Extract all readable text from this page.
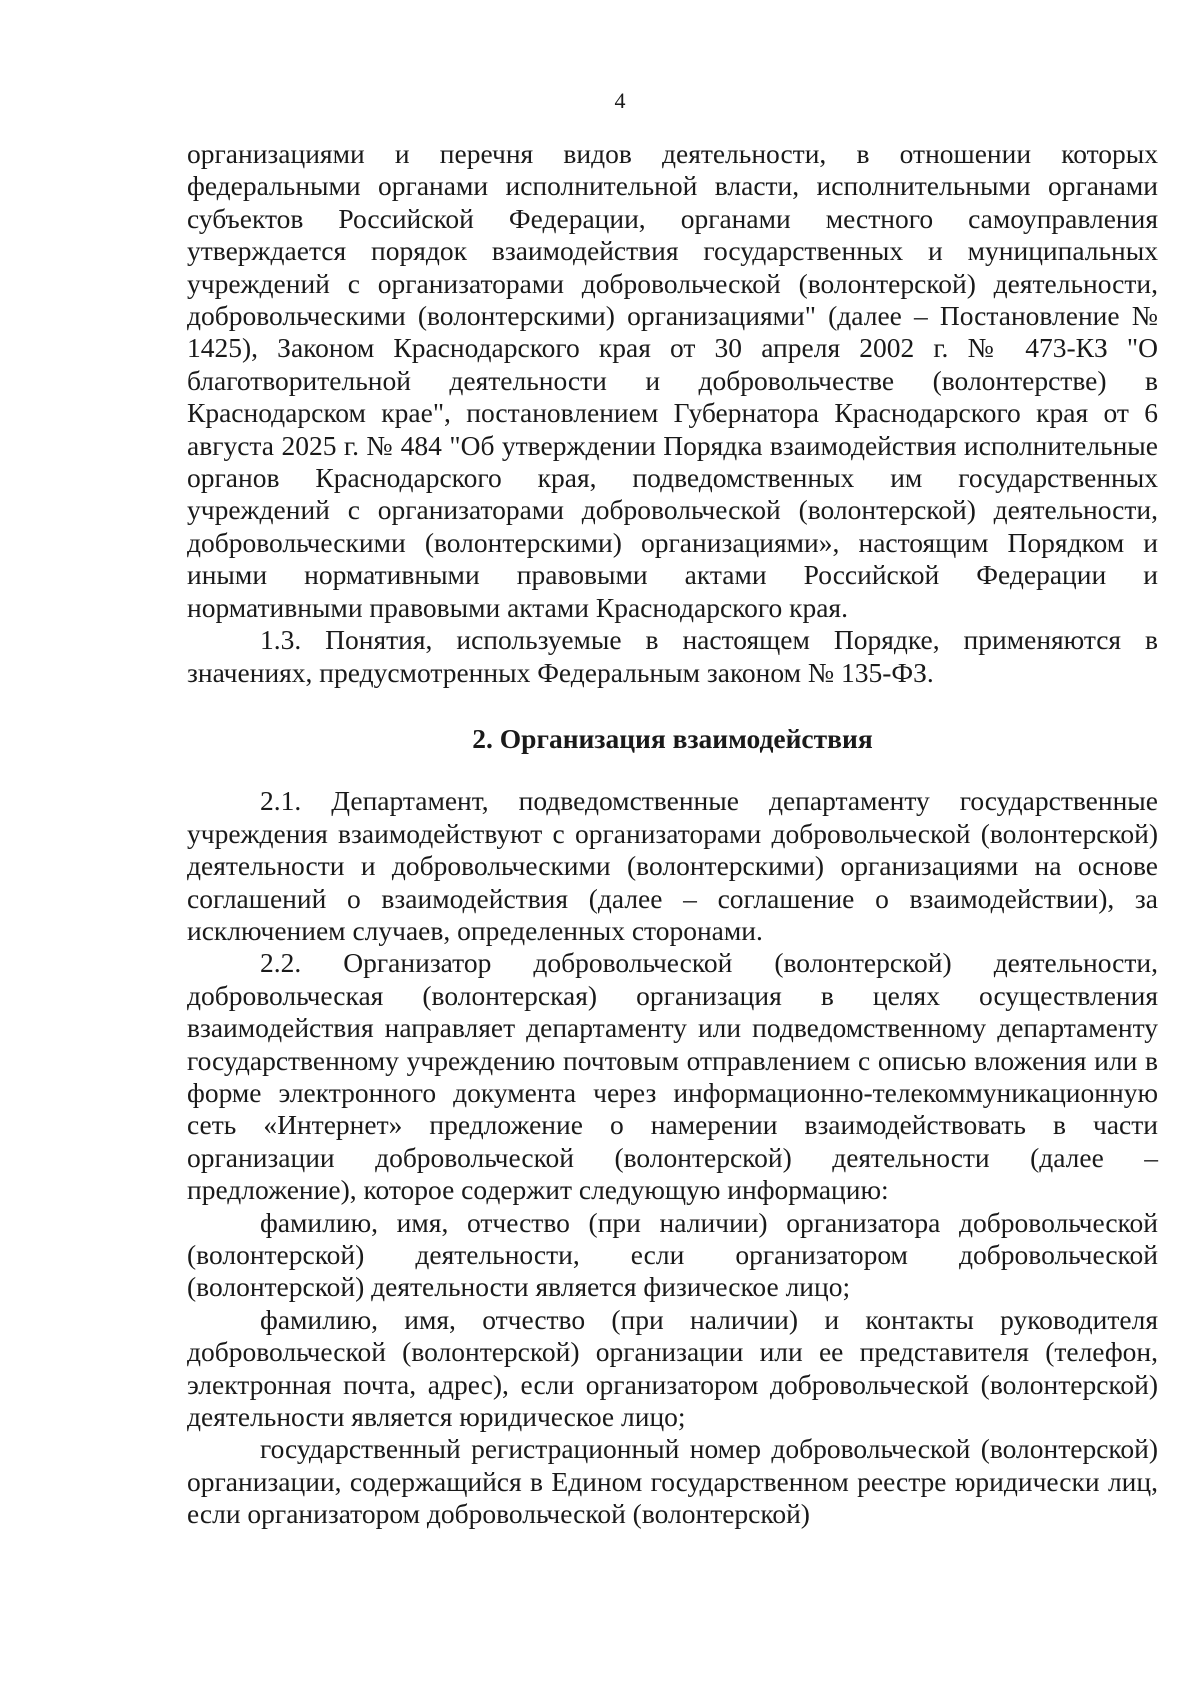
4

организациями и перечня видов деятельности, в отношении которых федеральными органами исполнительной власти, исполнительными органами субъектов Российской Федерации, органами местного самоуправления утверждается порядок взаимодействия государственных и муниципальных учреждений с организаторами добровольческой (волонтерской) деятельности, добровольческими (волонтерскими) организациями" (далее – Постановление № 1425), Законом Краснодарского края от 30 апреля 2002 г. № 473-КЗ "О благотворительной деятельности и добровольчестве (волонтерстве) в Краснодарском крае", постановлением Губернатора Краснодарского края от 6 августа 2025 г. № 484 "Об утверждении Порядка взаимодействия исполнительные органов Краснодарского края, подведомственных им государственных учреждений с организаторами добровольческой (волонтерской) деятельности, добровольческими (волонтерскими) организациями», настоящим Порядком и иными нормативными правовыми актами Российской Федерации и нормативными правовыми актами Краснодарского края.

1.3. Понятия, используемые в настоящем Порядке, применяются в значениях, предусмотренных Федеральным законом № 135-ФЗ.

2. Организация взаимодействия

2.1. Департамент, подведомственные департаменту государственные учреждения взаимодействуют с организаторами добровольческой (волонтерской) деятельности и добровольческими (волонтерскими) организациями на основе соглашений о взаимодействия (далее – соглашение о взаимодействии), за исключением случаев, определенных сторонами.

2.2. Организатор добровольческой (волонтерской) деятельности, добровольческая (волонтерская) организация в целях осуществления взаимодействия направляет департаменту или подведомственному департаменту государственному учреждению почтовым отправлением с описью вложения или в форме электронного документа через информационно-телекоммуникационную сеть «Интернет» предложение о намерении взаимодействовать в части организации добровольческой (волонтерской) деятельности (далее – предложение), которое содержит следующую информацию:

фамилию, имя, отчество (при наличии) организатора добровольческой (волонтерской) деятельности, если организатором добровольческой (волонтерской) деятельности является физическое лицо;

фамилию, имя, отчество (при наличии) и контакты руководителя добровольческой (волонтерской) организации или ее представителя (телефон, электронная почта, адрес), если организатором добровольческой (волонтерской) деятельности является юридическое лицо;

государственный регистрационный номер добровольческой (волонтерской) организации, содержащийся в Едином государственном реестре юридически лиц, если организатором добровольческой (волонтерской)
